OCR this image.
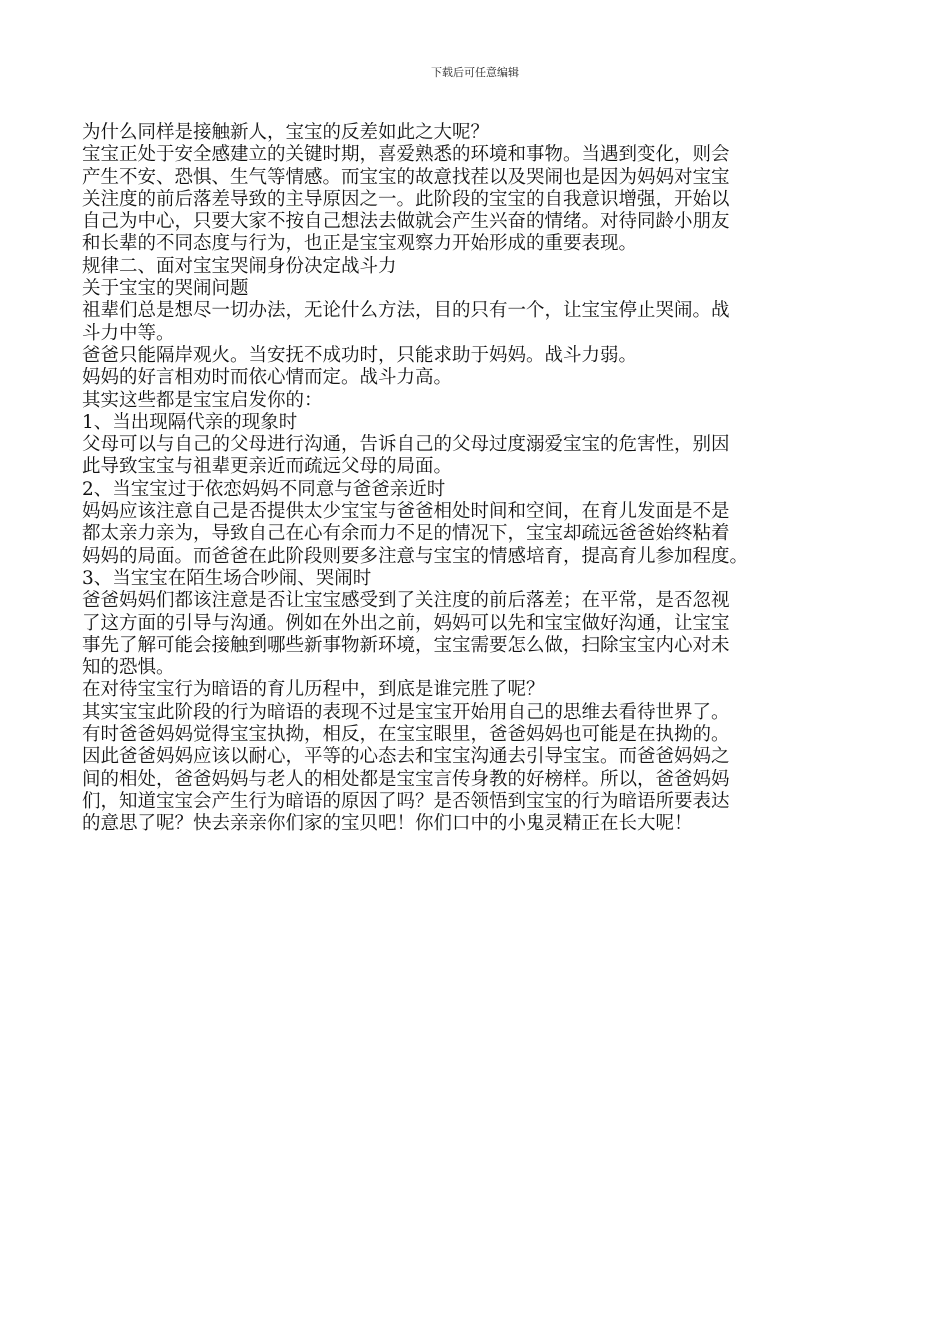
下载后可任意编辑

为什么同样是接触新人，宝宝的反差如此之大呢？

宝宝正处于安全感建立的关键时期，喜爱熟悉的环境和事物。当遇到变化，则会

产生不安、恐惧、生气等情感。而宝宝的故意找茬以及哭闹也是因为妈妈对宝宝

关注度的前后落差导致的主导原因之一。此阶段的宝宝的自我意识增强，开始以

自己为中心，只要大家不按自己想法去做就会产生兴奋的情绪。对待同龄小朋友

和长辈的不同态度与行为，也正是宝宝观察力开始形成的重要表现。

规律二、面对宝宝哭闹身份决定战斗力

关于宝宝的哭闹问题

祖辈们总是想尽一切办法，无论什么方法，目的只有一个，让宝宝停止哭闹。战

斗力中等。

爸爸只能隔岸观火。当安抚不成功时，只能求助于妈妈。战斗力弱。

妈妈的好言相劝时而依心情而定。战斗力高。

其实这些都是宝宝启发你的：

1、当出现隔代亲的现象时

父母可以与自己的父母进行沟通，告诉自己的父母过度溺爱宝宝的危害性，别因

此导致宝宝与祖辈更亲近而疏远父母的局面。

2、当宝宝过于依恋妈妈不同意与爸爸亲近时

妈妈应该注意自己是否提供太少宝宝与爸爸相处时间和空间，在育儿发面是不是

都太亲力亲为，导致自己在心有余而力不足的情况下，宝宝却疏远爸爸始终粘着

妈妈的局面。而爸爸在此阶段则要多注意与宝宝的情感培育，提高育儿参加程度。

3、当宝宝在陌生场合吵闹、哭闹时

爸爸妈妈们都该注意是否让宝宝感受到了关注度的前后落差；在平常，是否忽视

了这方面的引导与沟通。例如在外出之前，妈妈可以先和宝宝做好沟通，让宝宝

事先了解可能会接触到哪些新事物新环境，宝宝需要怎么做，扫除宝宝内心对未

知的恐惧。

在对待宝宝行为暗语的育儿历程中，到底是谁完胜了呢？

其实宝宝此阶段的行为暗语的表现不过是宝宝开始用自己的思维去看待世界了。

有时爸爸妈妈觉得宝宝执拗，相反，在宝宝眼里，爸爸妈妈也可能是在执拗的。

因此爸爸妈妈应该以耐心，平等的心态去和宝宝沟通去引导宝宝。而爸爸妈妈之

间的相处，爸爸妈妈与老人的相处都是宝宝言传身教的好榜样。所以，爸爸妈妈

们，知道宝宝会产生行为暗语的原因了吗？是否领悟到宝宝的行为暗语所要表达

的意思了呢？快去亲亲你们家的宝贝吧！你们口中的小鬼灵精正在长大呢！
